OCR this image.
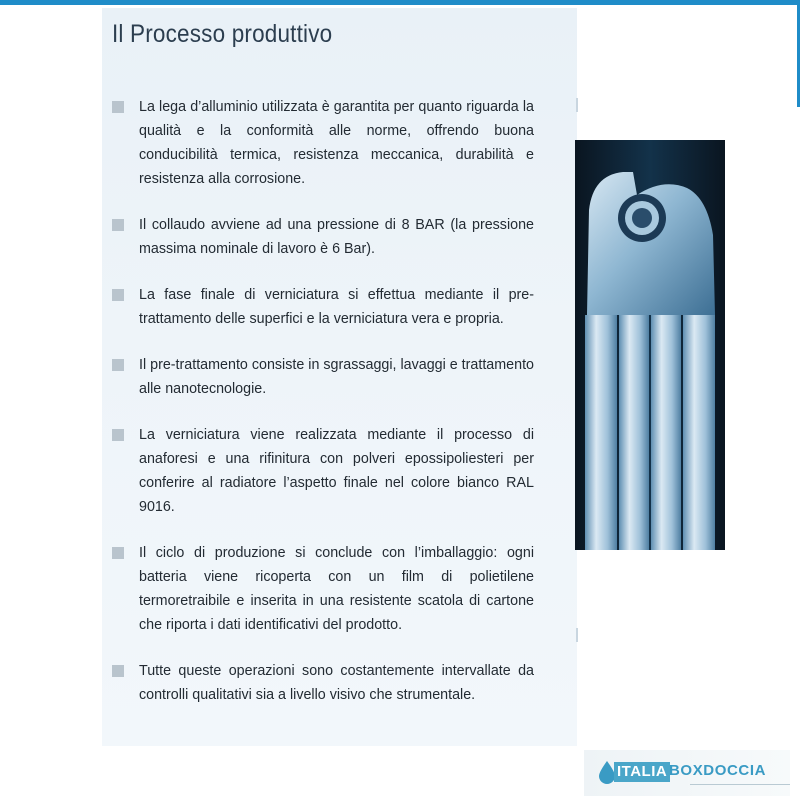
Il Processo produttivo
La lega d’alluminio utilizzata è garantita per quanto riguarda la qualità e la conformità alle norme, offrendo buona conducibilità termica, resistenza meccanica, durabilità e resistenza alla corrosione.
Il collaudo avviene ad una pressione di 8 BAR (la pressione massima nominale di lavoro è 6 Bar).
La fase finale di verniciatura si effettua mediante il pre-trattamento delle superfici e la verniciatura vera e propria.
Il pre-trattamento consiste in sgrassaggi, lavaggi e trattamento alle nanotecnologie.
La verniciatura viene realizzata mediante il processo di anaforesi e una rifinitura con polveri epossipoliesteri per conferire al radiatore l’aspetto finale nel colore bianco RAL 9016.
Il ciclo di produzione si conclude con l’imballaggio: ogni batteria viene ricoperta con un film di polietilene termoretraibile e inserita in una resistente scatola di cartone che riporta i dati identificativi del prodotto.
Tutte queste operazioni sono costantemente intervallate da controlli qualitativi sia a livello visivo che strumentale.
ITALIA BOXDOCCIA
